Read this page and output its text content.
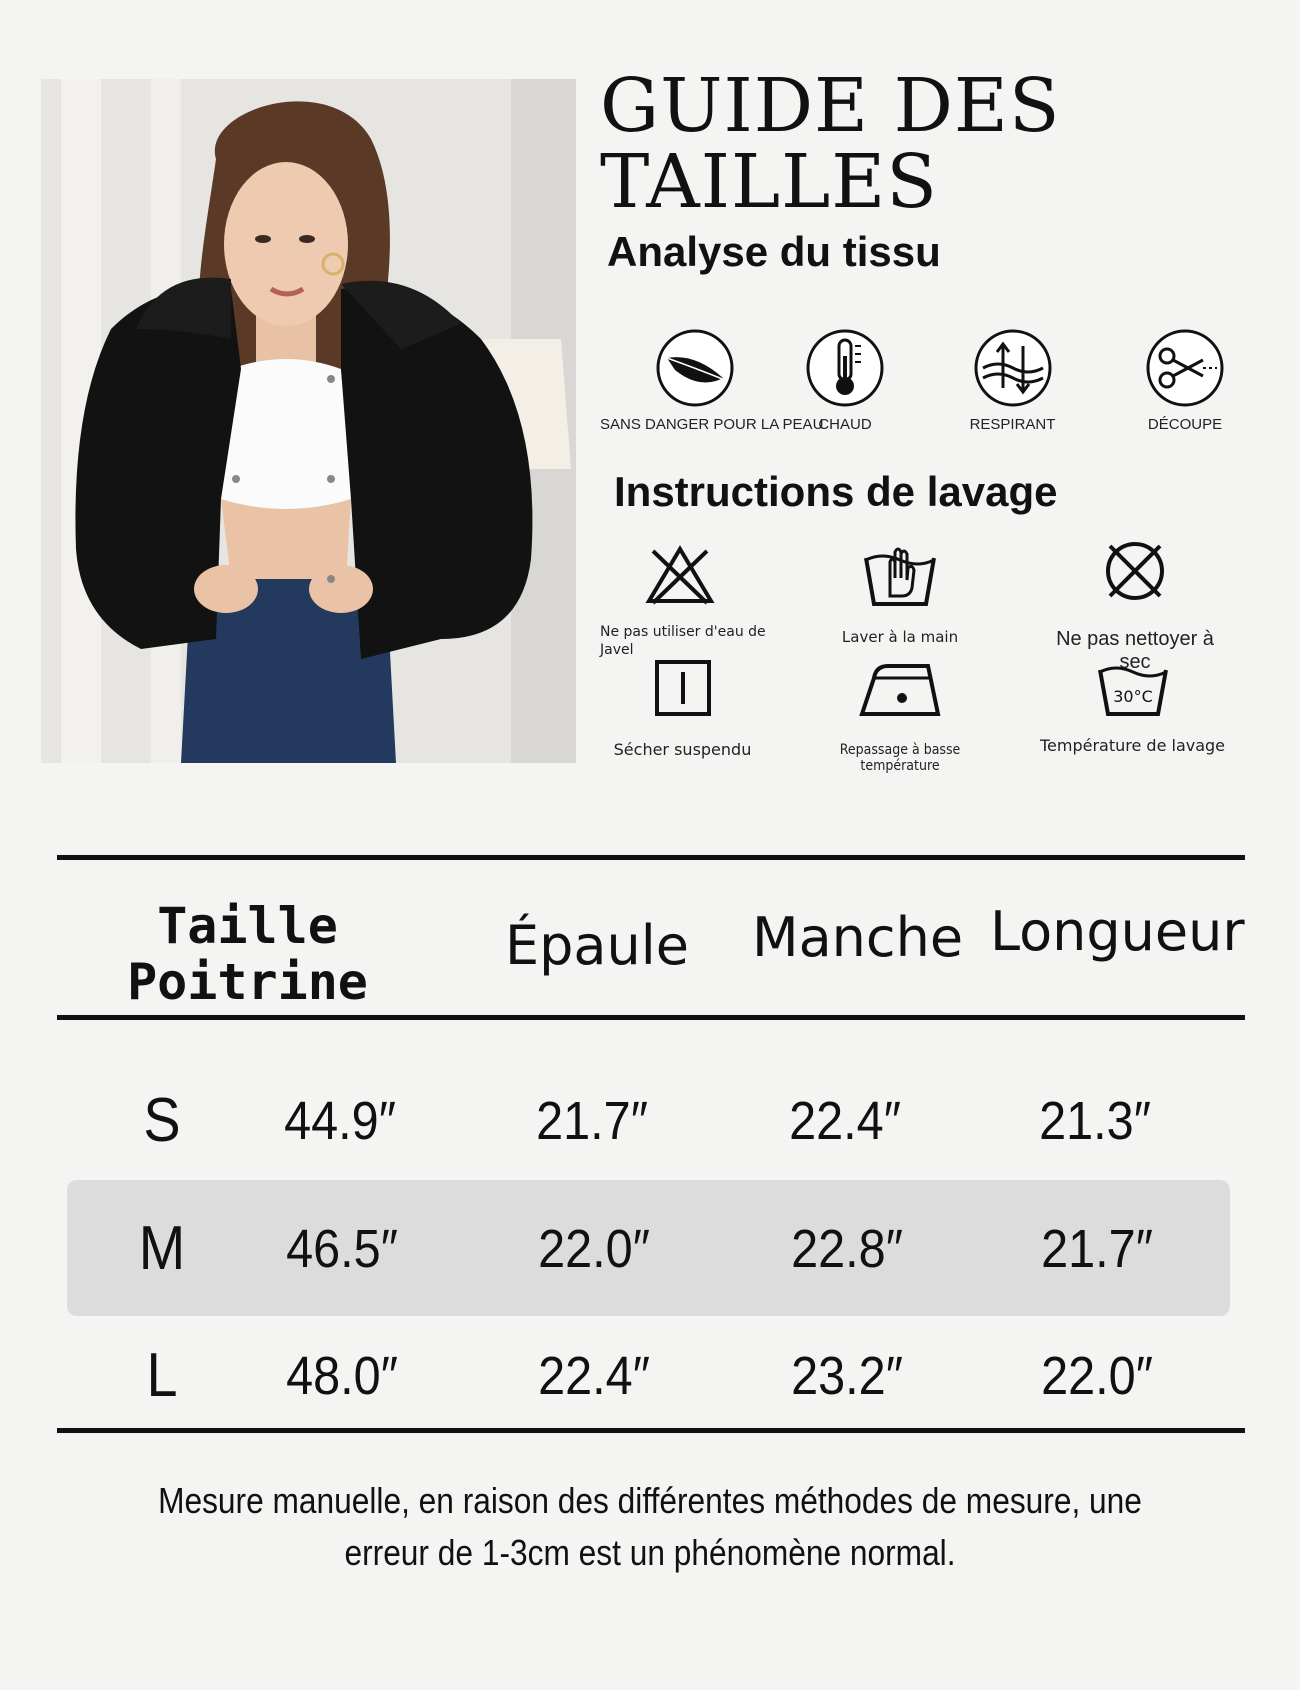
GUIDE DES
TAILLES
Analyse du tissu
SANS DANGER POUR LA PEAU
CHAUD	RESPIRANT	DÉCOUPE
Instructions de lavage
Ne pas utiliser d'eau de Javel
Laver à la main	Ne pas nettoyer à sec
Sécher suspendu	Repassage à basse température
30°C
Température de lavage
Taille
Poitrine
Épaule Manche Longueur
S	44.9″	21.7″	22.4″	21.3″
M	46.5″	22.0″	22.8″	21.7″
L	48.0″	22.4″	23.2″	22.0″
Mesure manuelle, en raison des différentes méthodes de mesure, une
erreur de 1-3cm est un phénomène normal.
